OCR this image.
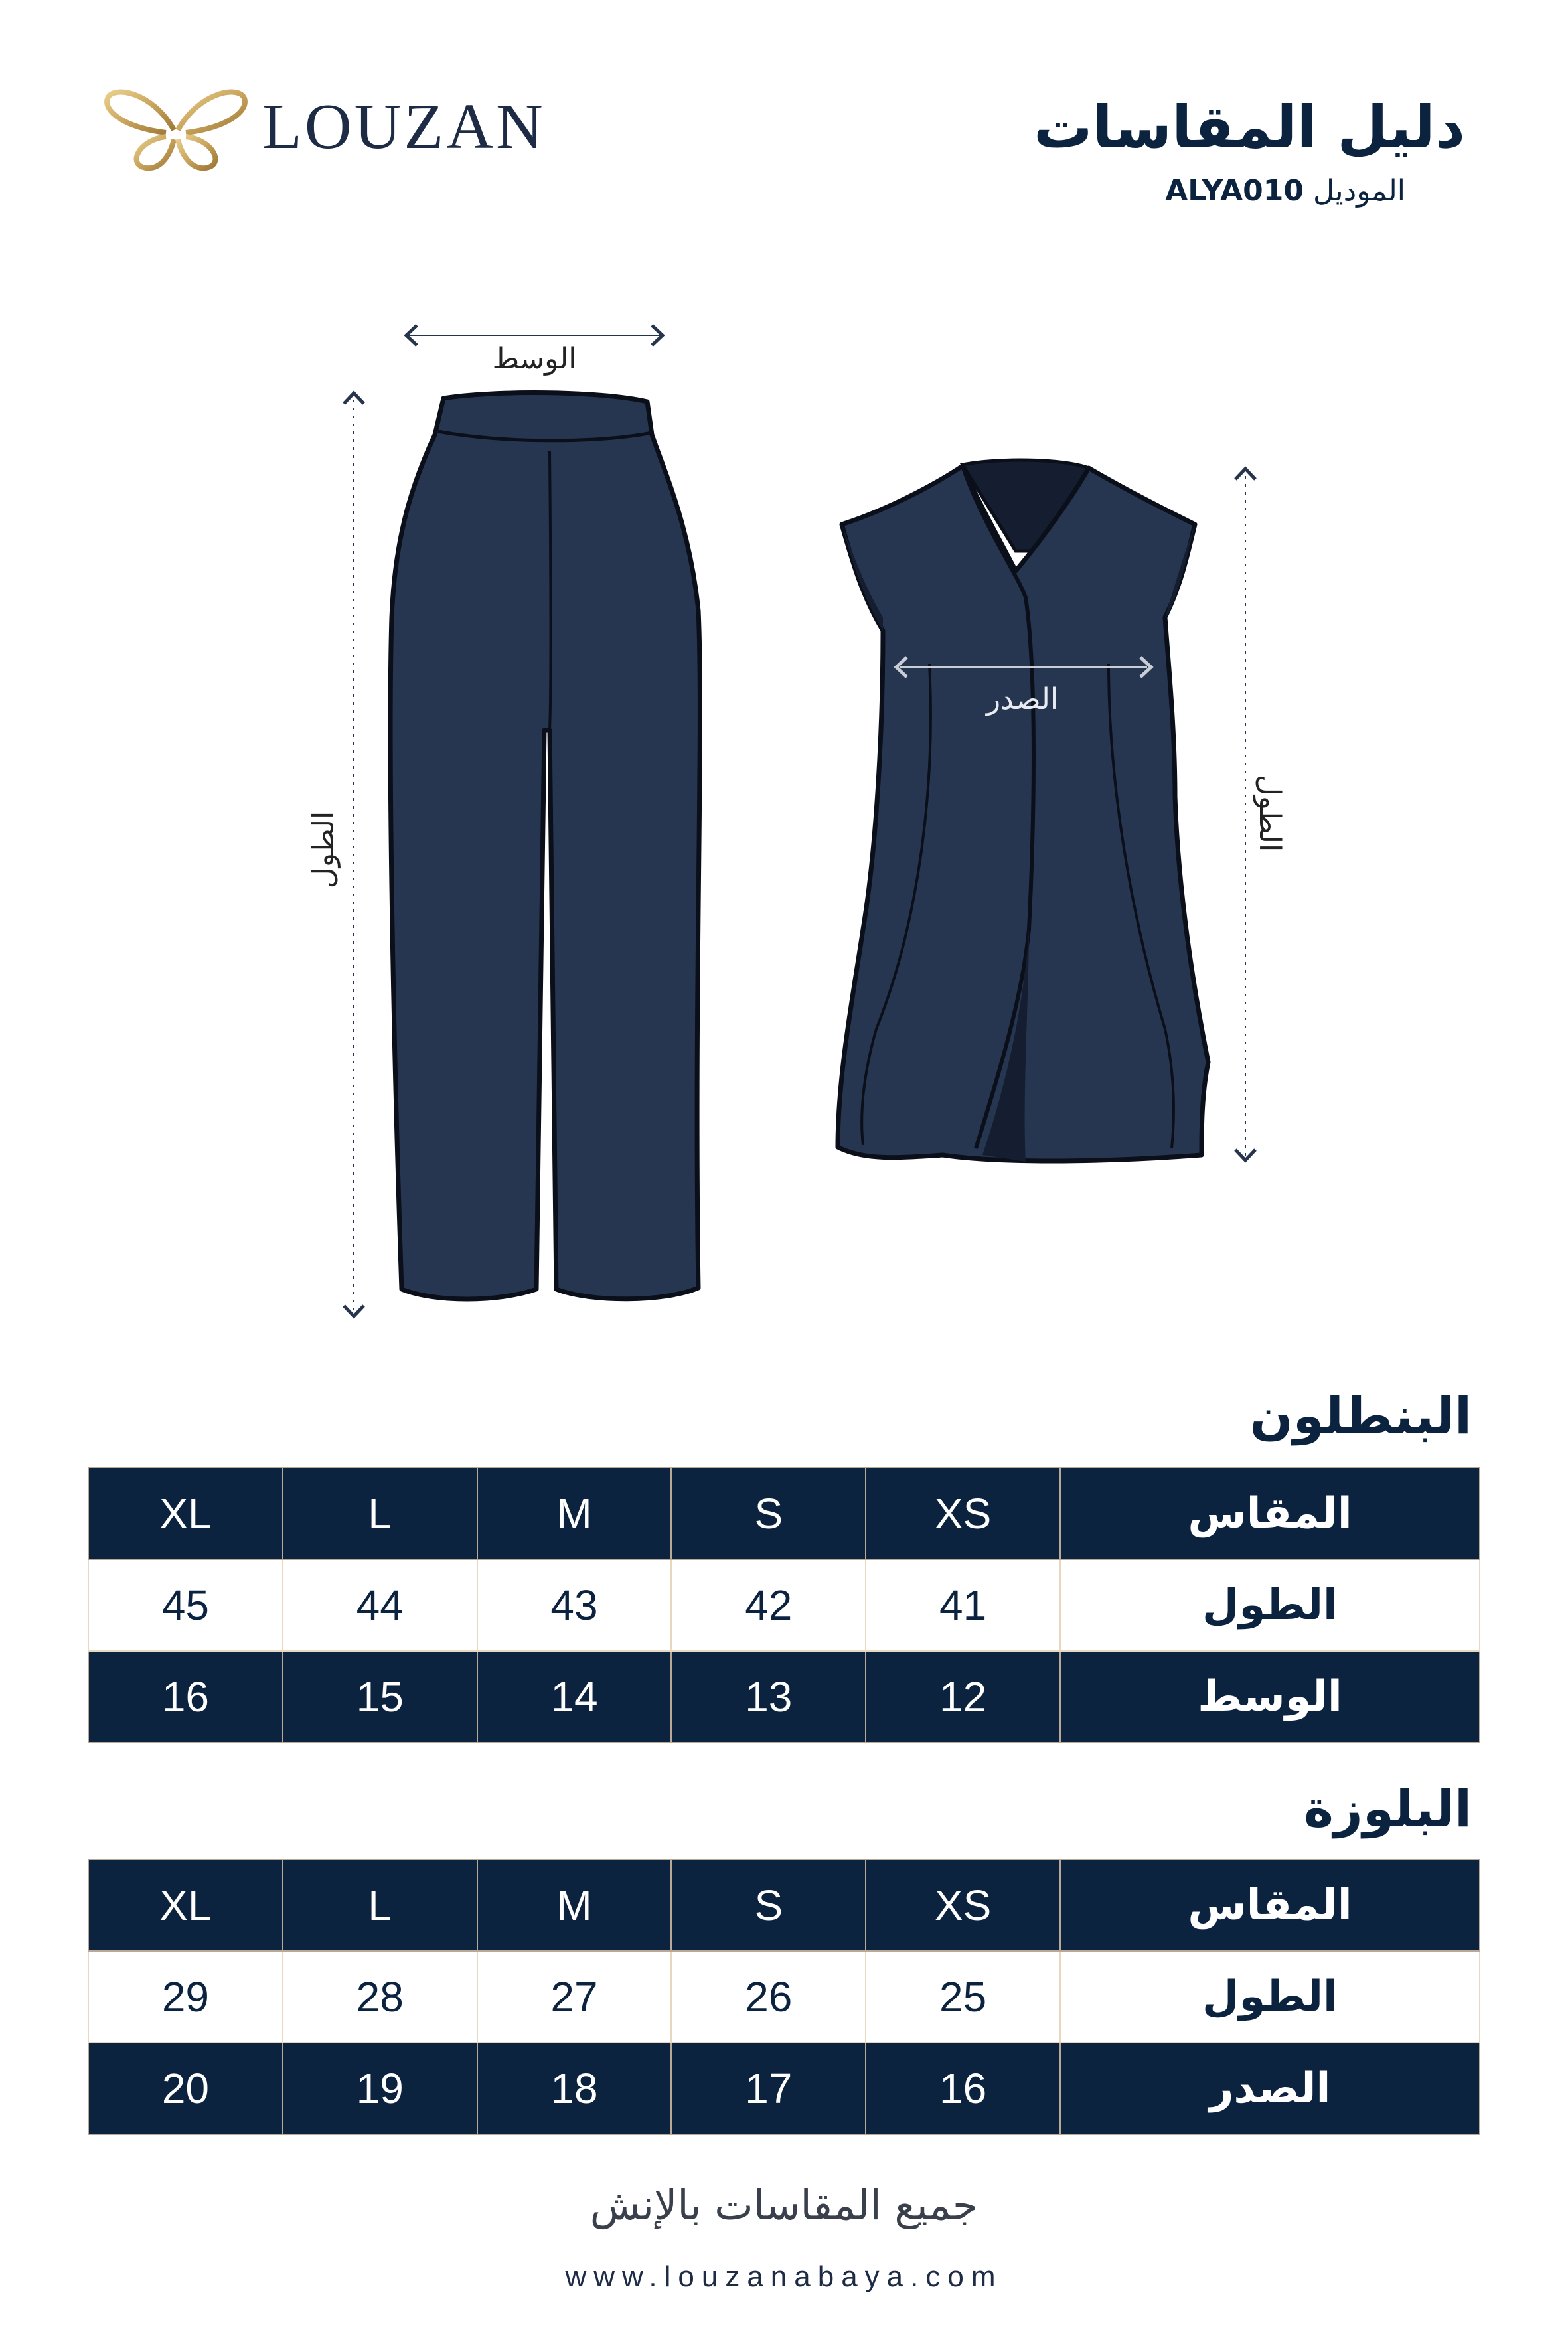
LOUZAN	دليل المقاسات
الموديل
ALYA010
الوسط
الطول	الطول
الصدر
البنطلون
المقاس	XS	S	M	L	XL
الطول	41	42	43	44	45
الوسط	12	13	14	15	16
البلوزة
المقاس	XS	S	M	L	XL
الطول	25	26	27	28	29
الصدر	16	17	18	19	20
جميع المقاسات بالإنش
www.louzanabaya.com
